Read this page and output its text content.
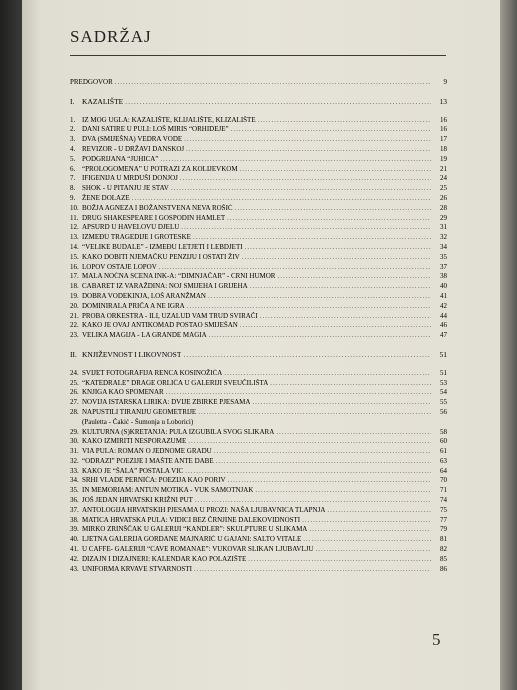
SADRŽAJ
PREDGOVOR .....	9
I.	KAZALIŠTE .....	13
1. IZ MOG UGLA: KAZALIŠTE, KLIJALIŠTE, KLIZALIŠTE .....	16
2. DANI SATIRE U PULI: LOŠ MIRIS “ORHIDEJE” .....	16
3. DVA (SMIJEŠNA) VEDRA VODE .....	17
4. REVIZOR - U DRŽAVI DANSKOJ .....	18
5. PODGRIJANA “JUHICA” .....	19
6. “PROLOGOMENA” U POTRAZI ZA KOLIJEVKOM .....	21
7. IFIGENIJA U MRDUŠI DONJOJ .....	24
8. SHOK - U PITANJU JE STAV .....	25
9. ŽENE DOLAZE .....	26
10. BOŽJA AGNEZA I BOŽANSTVENA NEVA ROŠIĆ .....	28
11. DRUG SHAKESPEARE I GOSPODIN HAMLET .....	29
12. APSURD U HAVELOVU DJELU .....	31
13. IZMEĐU TRAGEDIJE I GROTESKE .....	32
14. “VELIKE BUDALE” - IZMEĐU LETJETI I LEBDJETI .....	34
15. KAKO DOBITI NJEMAČKU PENZIJU I OSTATI ŽIV .....	35
16. LOPOV OSTAJE LOPOV .....	37
17. MALA NOĆNA SCENA INK-A: “DIMNJAČAR” - CRNI HUMOR .....	38
18. CABARET IZ VARAŽDINA: NOJ SMIJEHA I GRIJEHA .....	40
19. DOBRA VODEKINJA, LOŠ ARANŽMAN .....	41
20. DOMINIRALA PRIČA A NE IGRA .....	42
21. PROBA ORKESTRA - ILI, UZALUD VAM TRUD SVIRAČI .....	44
22. KAKO JE OVAJ ANTIKOMAD POSTAO SMIJEŠAN .....	46
23. VELIKA MAGIJA - LA GRANDE MAGIA .....	47
II. KNJIŽEVNOST I LIKOVNOST .....	51
24. SVIJET FOTOGRAFIJA RENCA KOSINOŽIĆA .....	51
25. “KATEDRALE” DRAGE ORLIĆA U GALERIJI SVEUČILIŠTA .....	53
26. KNJIGA KAO SPOMENAR .....	54
27. NOVIJA ISTARSKA LIRIKA: DVIJE ZBIRKE PJESAMA .....	55
28. NAPUSTILI TIRANIJU GEOMETRIJE .....	56
(Pauletta - Čakić - Šumonja u Loborici)
29. KULTURNA (S)KRETANJA: PULA IZGUBILA SVOG SLIKARA .....	58
30. KAKO IZMIRITI NESPORAZUME .....	60
31. VIA PULA: ROMAN O JEDNOME GRADU .....	61
32. “ODRAZI” POEZIJE I MAŠTE ANTE DABE .....	63
33. KAKO JE “ŠALA” POSTALA VIC .....	64
34. SRHI VLADE PERNIĆA: POEZIJA KAO PORIV .....	70
35. IN MEMORIAM: ANTUN MOTIKA - VUK SAMOTNJAK .....	71
36. JOŠ JEDAN HRVATSKI KRIŽNI PUT .....	74
37. ANTOLOGIJA HRVATSKIH PJESAMA U PROZI: NAŠA LJUBAVNICA TLAPNJA .....	75
38. MATICA HRVATSKA PULA: VIDICI BEZ ČRNJINE DALEKOVIDNOSTI .....	77
39. MIRKO ZRINŠČAK U GALERIJI “KANDLER”: SKULPTURE U SLIKAMA .....	79
40. LJETNA GALERIJA GORDANE MAJNARIĆ U GAJANI: SALTO VITALE .....	81
41. U CAFFE- GALERIJI “CAVE ROMANAE”: VUKOVAR SLIKAN LJUBAVLJU .....	82
42. DIZAJN I DIZAJNERI: KALENDAR KAO POLAZIŠTE .....	85
43. UNIFORMA KRVAVE STVARNOSTI .....	86
5
